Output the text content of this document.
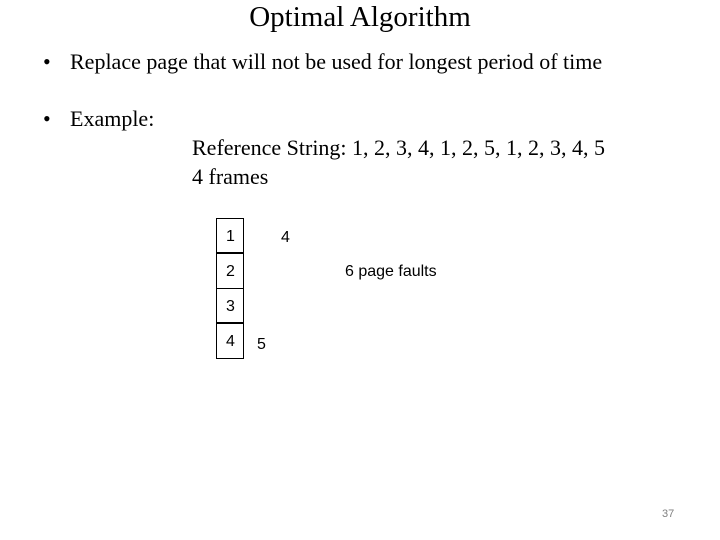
Optimal Algorithm
• Replace page that will not be used for longest period of time
• Example:
Reference String: 1, 2, 3, 4, 1, 2, 5, 1, 2, 3, 4, 5
4 frames
1
2
3
4
4
6 page faults
5
37
